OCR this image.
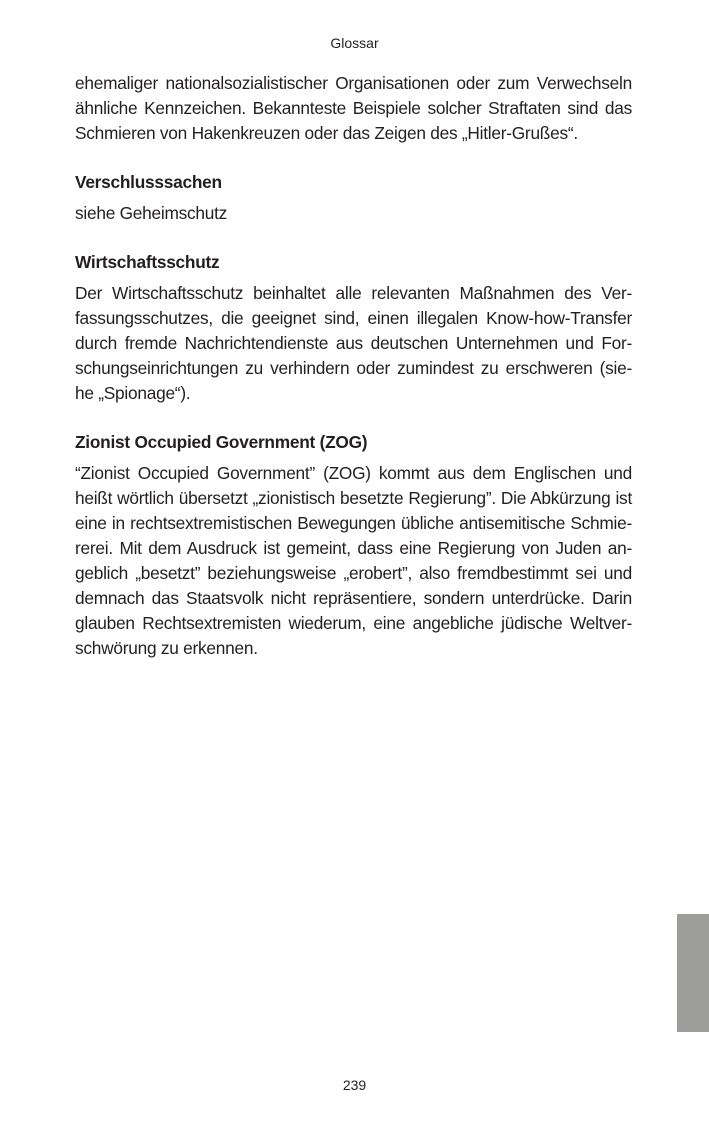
Glossar

ehemaliger nationalsozialistischer Organisationen oder zum Verwechseln
ähnliche Kennzeichen. Bekannteste Beispiele solcher Straftaten sind das
Schmieren von Hakenkreuzen oder das Zeigen des „Hitler-Grußes“.

Verschlusssachen

siehe Geheimschutz

Wirtschaftsschutz

Der Wirtschaftsschutz beinhaltet alle relevanten Maßnahmen des Ver-
fassungsschutzes, die geeignet sind, einen illegalen Know-how-Transfer
durch fremde Nachrichtendienste aus deutschen Unternehmen und For-
schungseinrichtungen zu verhindern oder zumindest zu erschweren (sie-
he „Spionage“).

Zionist Occupied Government (ZOG)

“Zionist Occupied Government” (ZOG) kommt aus dem Englischen und
heißt wörtlich übersetzt „zionistisch besetzte Regierung”. Die Abkürzung ist
eine in rechtsextremistischen Bewegungen übliche antisemitische Schmie-
rerei. Mit dem Ausdruck ist gemeint, dass eine Regierung von Juden an-
geblich „besetzt” beziehungsweise „erobert”, also fremdbestimmt sei und
demnach das Staatsvolk nicht repräsentiere, sondern unterdrücke. Darin
glauben Rechtsextremisten wiederum, eine angebliche jüdische Weltver-
schwörung zu erkennen.

239
